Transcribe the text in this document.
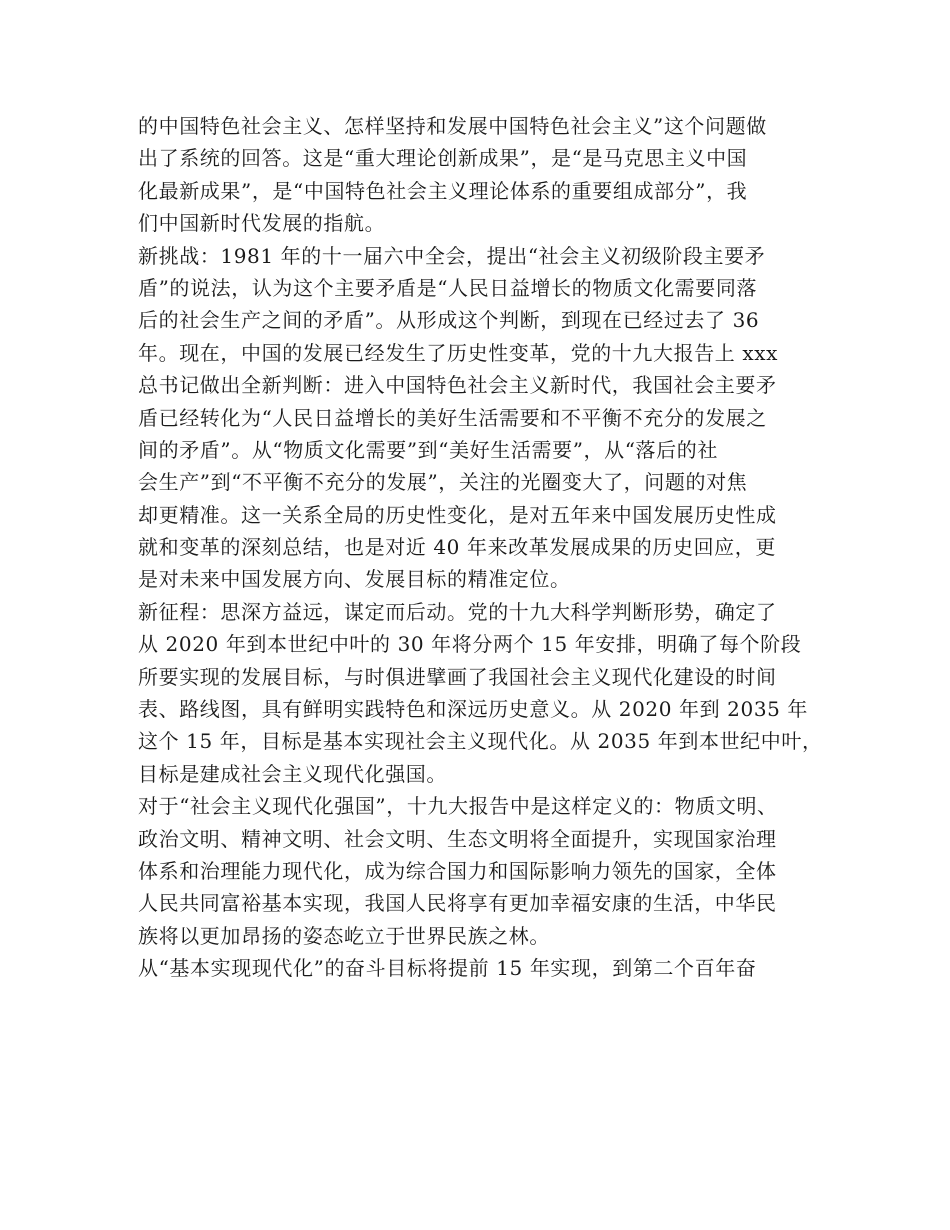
的中国特色社会主义、怎样坚持和发展中国特色社会主义”这个问题做
出了系统的回答。这是“重大理论创新成果”，是“是马克思主义中国
化最新成果”，是“中国特色社会主义理论体系的重要组成部分”，我
们中国新时代发展的指航。
新挑战：1981 年的十一届六中全会，提出“社会主义初级阶段主要矛
盾”的说法，认为这个主要矛盾是“人民日益增长的物质文化需要同落
后的社会生产之间的矛盾”。从形成这个判断，到现在已经过去了 36
年。现在，中国的发展已经发生了历史性变革，党的十九大报告上 xxx
总书记做出全新判断：进入中国特色社会主义新时代，我国社会主要矛
盾已经转化为“人民日益增长的美好生活需要和不平衡不充分的发展之
间的矛盾”。从“物质文化需要”到“美好生活需要”，从“落后的社
会生产”到“不平衡不充分的发展”，关注的光圈变大了，问题的对焦
却更精准。这一关系全局的历史性变化，是对五年来中国发展历史性成
就和变革的深刻总结，也是对近 40 年来改革发展成果的历史回应，更
是对未来中国发展方向、发展目标的精准定位。
新征程：思深方益远，谋定而后动。党的十九大科学判断形势，确定了
从 2020 年到本世纪中叶的 30 年将分两个 15 年安排，明确了每个阶段
所要实现的发展目标，与时俱进擘画了我国社会主义现代化建设的时间
表、路线图，具有鲜明实践特色和深远历史意义。从 2020 年到 2035 年
这个 15 年，目标是基本实现社会主义现代化。从 2035 年到本世纪中叶，
目标是建成社会主义现代化强国。
对于“社会主义现代化强国”，十九大报告中是这样定义的：物质文明、
政治文明、精神文明、社会文明、生态文明将全面提升，实现国家治理
体系和治理能力现代化，成为综合国力和国际影响力领先的国家，全体
人民共同富裕基本实现，我国人民将享有更加幸福安康的生活，中华民
族将以更加昂扬的姿态屹立于世界民族之林。
从“基本实现现代化”的奋斗目标将提前 15 年实现，到第二个百年奋
